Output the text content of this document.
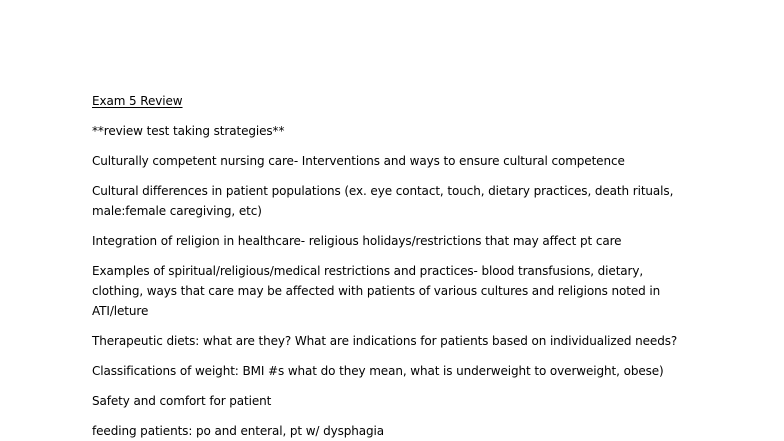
Exam 5 Review
**review test taking strategies**
Culturally competent nursing care- Interventions and ways to ensure cultural competence
Cultural differences in patient populations (ex. eye contact, touch, dietary practices, death rituals,
male:female caregiving, etc)
Integration of religion in healthcare- religious holidays/restrictions that may affect pt care
Examples of spiritual/religious/medical restrictions and practices- blood transfusions, dietary,
clothing, ways that care may be affected with patients of various cultures and religions noted in
ATI/leture
Therapeutic diets: what are they? What are indications for patients based on individualized needs?
Classifications of weight: BMI #s what do they mean, what is underweight to overweight, obese)
Safety and comfort for patient
feeding patients: po and enteral, pt w/ dysphagia
